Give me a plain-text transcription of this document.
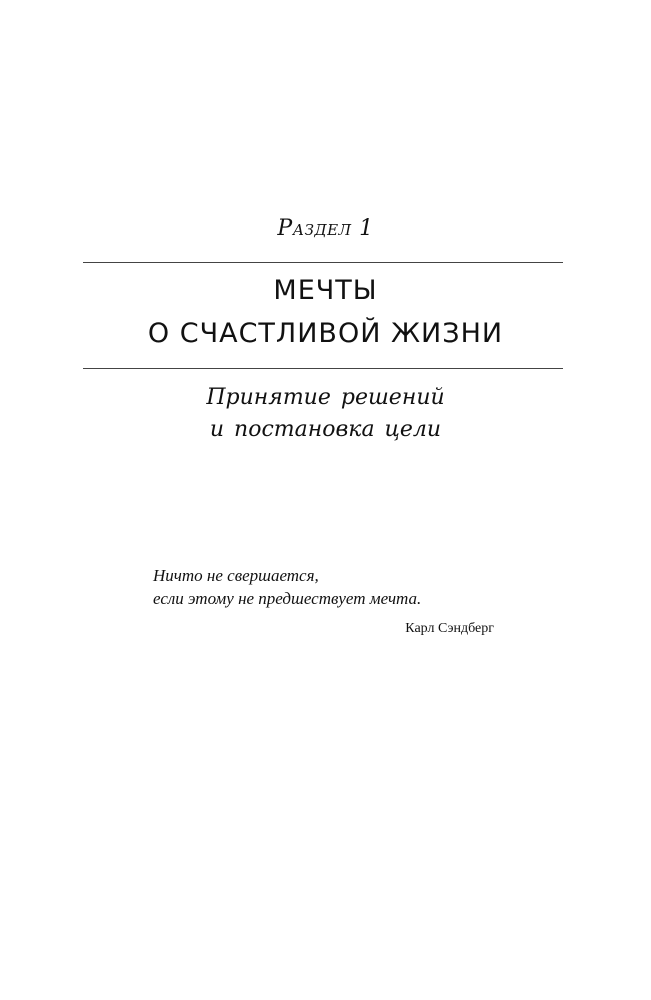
Раздел 1
МЕЧТЫ
О СЧАСТЛИВОЙ ЖИЗНИ
Принятие решений
и постановка цели
Ничто не свершается,
если этому не предшествует мечта.
Карл Сэндберг
